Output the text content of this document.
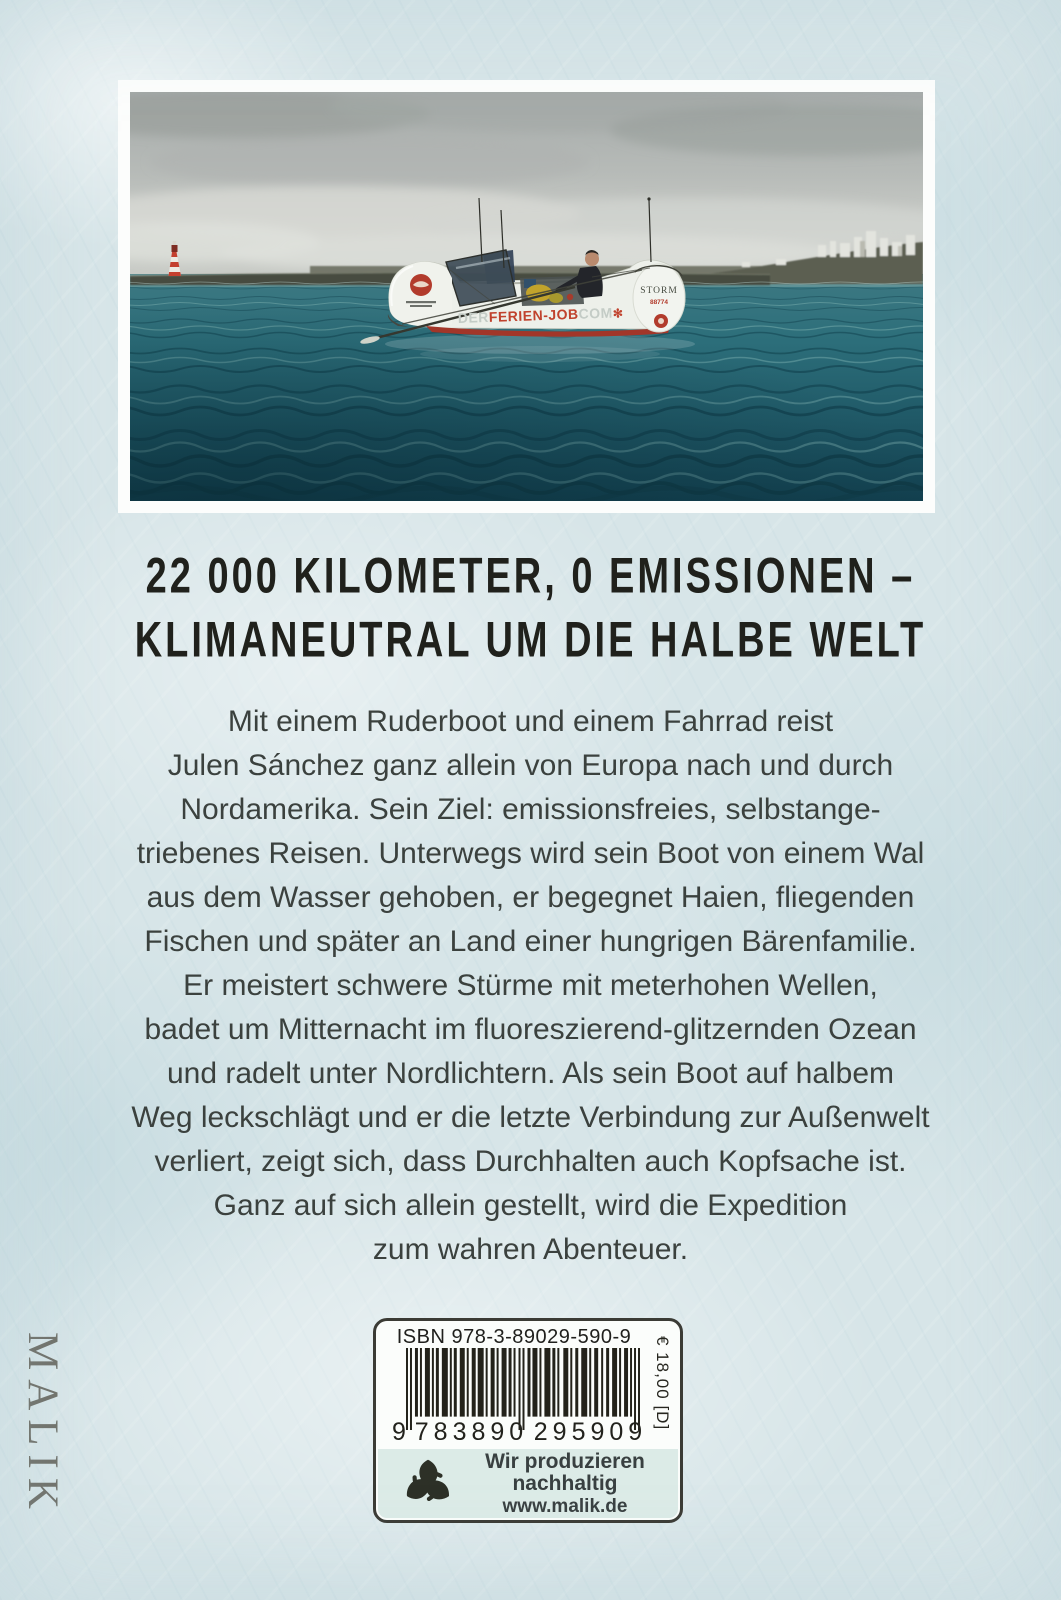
STORM
88774
DERFERIEN-JOBCOM✻
22 000 KILOMETER, 0 EMISSIONEN –
KLIMANEUTRAL UM DIE HALBE WELT
Mit einem Ruderboot und einem Fahrrad reist
Julen Sánchez ganz allein von Europa nach und durch
Nordamerika. Sein Ziel: emissionsfreies, selbstange-
triebenes Reisen. Unterwegs wird sein Boot von einem Wal
aus dem Wasser gehoben, er begegnet Haien, fliegenden
Fischen und später an Land einer hungrigen Bärenfamilie.
Er meistert schwere Stürme mit meterhohen Wellen,
badet um Mitternacht im fluoreszierend-glitzernden Ozean
und radelt unter Nordlichtern. Als sein Boot auf halbem
Weg leckschlägt und er die letzte Verbindung zur Außenwelt
verliert, zeigt sich, dass Durchhalten auch Kopfsache ist.
Ganz auf sich allein gestellt, wird die Expedition
zum wahren Abenteuer.
MALIK	ISBN 978-3-89029-590-9
9 783890 295909
€ 18,00 [D]
Wir produzieren
nachhaltig
www.malik.de
